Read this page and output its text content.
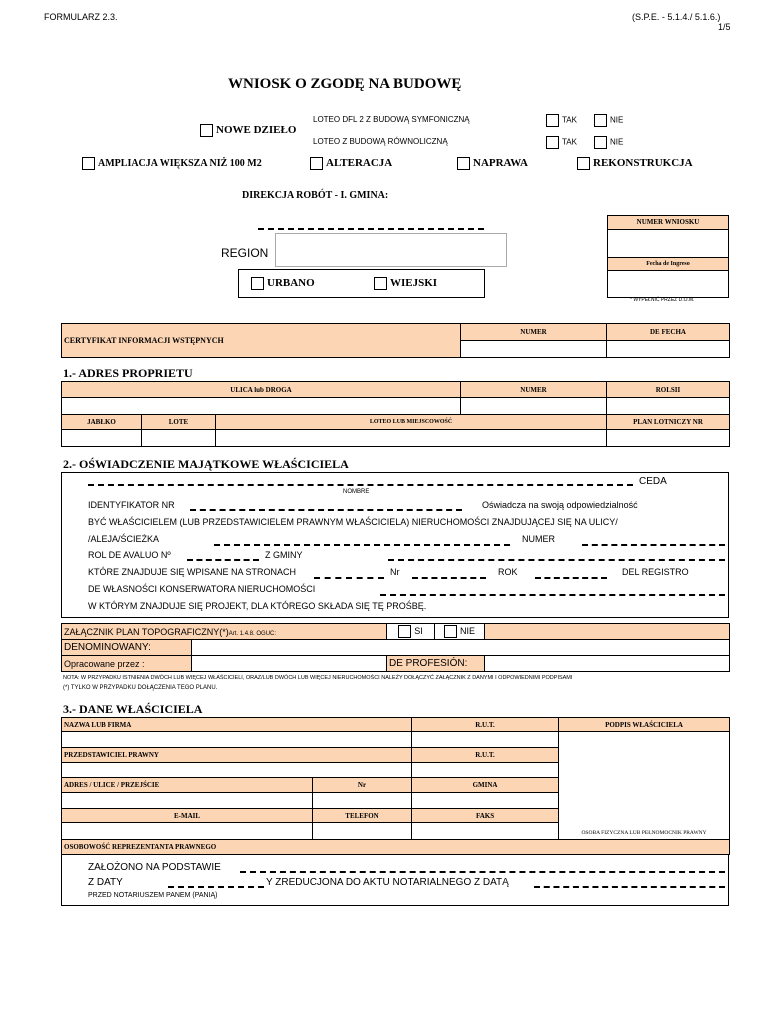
FORMULARZ 2.3.	(S.P.E. - 5.1.4./ 5.1.6.)
1/5
WNIOSK O ZGODĘ NA BUDOWĘ
NOWE DZIEŁO
LOTEO DFL 2 Z BUDOWĄ SYMFONICZNĄ
LOTEO Z BUDOWĄ RÓWNOLICZNĄ
TAK	NIE
TAK	NIE
AMPLIACJA WIĘKSZA NIŻ 100 M2	ALTERACJA	NAPRAWA	REKONSTRUKCJA
DIREKCJA ROBÓT - I. GMINA:
REGION
URBANO	WIEJSKI
NUMER WNIOSKU
Fecha de Ingreso
* WYPEŁNIĆ PRZEZ D.O.M.
CERTYFIKAT INFORMACJI WSTĘPNYCH	NUMER	DE FECHA

1.- ADRES PROPRIETU
ULICA lub DROGA			NUMER	ROLSII

JABŁKO	LOTE	LOTEO LUB MIEJSCOWOŚĆ		PLAN LOTNICZY NR

2.- OŚWIADCZENIE MAJĄTKOWE WŁAŚCICIELA
CEDA
NOMBRE
IDENTYFIKATOR NR	Oświadcza na swoją odpowiedzialność
BYĆ WŁAŚCICIELEM (LUB PRZEDSTAWICIELEM PRAWNYM WŁAŚCICIELA) NIERUCHOMOŚCI ZNAJDUJĄCEJ SIĘ NA ULICY/
/ALEJA/ŚCIEŻKA	NUMER
ROL DE AVALUO Nº	Z GMINY
KTÓRE ZNAJDUJE SIĘ WPISANE NA STRONACH	Nr	ROK	DEL REGISTRO
DE WŁASNOŚCI KONSERWATORA NIERUCHOMOŚCI
W KTÓRYM ZNAJDUJE SIĘ PROJEKT, DLA KTÓREGO SKŁADA SIĘ TĘ PROŚBĘ.
ZAŁĄCZNIK PLAN TOPOGRAFICZNY(*)Art. 1.4.8. OGUC:		SI	NIE	
DENOMINOWANY:				
Opracowane przez :		DE PROFESIÓN:		
NOTA: W PRZYPADKU ISTNIENIA DWÓCH LUB WIĘCEJ WŁAŚCICIELI, ORAZ/LUB DWÓCH LUB WIĘCEJ NIERUCHOMOŚCI NALEŻY DOŁĄCZYĆ ZAŁĄCZNIK Z DANYMI I ODPOWIEDNIMI PODPISAMI
(*) TYLKO W PRZYPADKU DOŁĄCZENIA TEGO PLANU.
3.- DANE WŁAŚCICIELA
NAZWA LUB FIRMA		R.U.T.	PODPIS WŁAŚCICIELA
			OSOBA FIZYCZNA LUB PEŁNOMOCNIK PRAWNY
PRZEDSTAWICIEL PRAWNY		R.U.T.	

ADRES / ULICE / PRZEJŚCIE	Nr	GMINA	

E-MAIL	TELEFON	FAKS	

OSOBOWOŚĆ REPREZENTANTA PRAWNEGO			
ZAŁOŻONO NA PODSTAWIE
Z DATY	Y ZREDUCJONA DO AKTU NOTARIALNEGO Z DATĄ
PRZED NOTARIUSZEM PANEM (PANIĄ)
